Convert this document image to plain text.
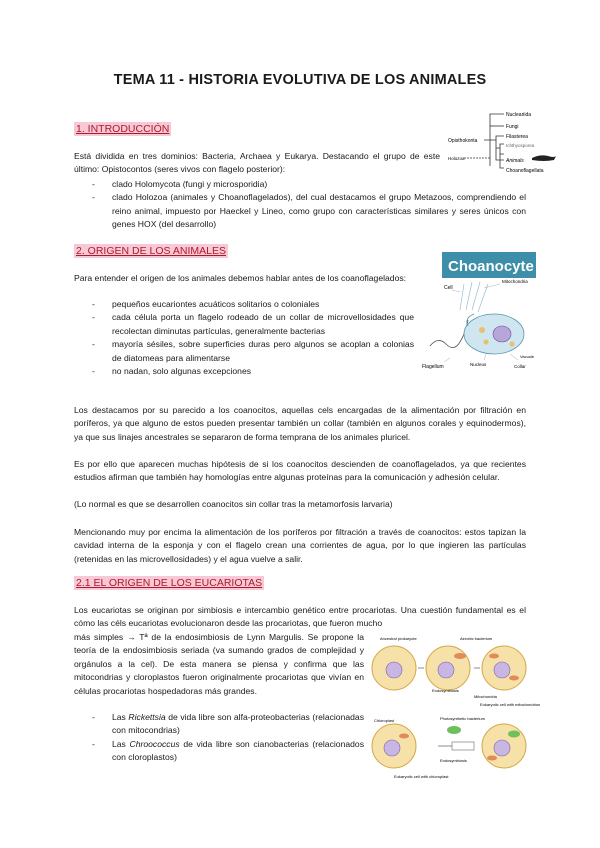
TEMA 11 - HISTORIA EVOLUTIVA DE LOS ANIMALES
1. INTRODUCCIÓN

Está dividida en tres dominios: Bacteria, Archaea y Eukarya. Destacando el grupo de este último: Opistocontos (seres vivos con flagelo posterior):

- clado Holomycota (fungi y microsporidia)
- clado Holozoa (animales y Choanoflagelados), del cual destacamos el grupo Metazoos, comprendiendo el reino animal, impuesto por Haeckel y Lineo, como grupo con características similares y seres únicos con genes HOX (del desarrollo)
Opisthokonta
Holozoa
Nucleariida
Fungi
Filasterea
Ichthyosporea
Animals
Choanoflagellata
2. ORIGEN DE LOS ANIMALES

Para entender el origen de los animales debemos hablar antes de los coanoflagelados:

- pequeños eucariontes acuáticos solitarios o coloniales
- cada célula porta un flagelo rodeado de un collar de microvellosidades que recolectan diminutas partículas, generalmente bacterias
- mayoría sésiles, sobre superficies duras pero algunos se acoplan a colonias de diatomeas para alimentarse
- no nadan, solo algunas excepciones
Choanocyte
Cell
Mitochondria
Flagellum	Nucleus	Collar
Vacuole

Los destacamos por su parecido a los coanocitos, aquellas cels encargadas de la alimentación por filtración en poríferos, ya que alguno de estos pueden presentar también un collar (también en algunos corales y equinodermos), ya que sus linajes ancestrales se separaron de forma temprana de los animales pluricel.

Es por ello que aparecen muchas hipótesis de si los coanocitos descienden de coanoflagelados, ya que recientes estudios afirman que también hay homologías entre algunas proteínas para la comunicación y adhesión celular.

(Lo normal es que se desarrollen coanocitos sin collar tras la metamorfosis larvaria)

Mencionando muy por encima la alimentación de los poríferos por filtración a través de coanocitos: estos tapizan la cavidad interna de la esponja y con el flagelo crean una corrientes de agua, por lo que ingieren las partículas (retenidas en las microvellosidades) y el agua vuelve a salir.

2.1 EL ORIGEN DE LOS EUCARIOTAS

Los eucariotas se originan por simbiosis e intercambio genético entre procariotas. Una cuestión fundamental es el cómo las céls eucariotas evolucionaron desde las procariotas, que fueron mucho

más simples → Tª de la endosimbiosis de Lynn Margulis. Se propone la teoría de la endosimbiosis seriada (va sumando grados de complejidad y orgánulos a la cel). De esta manera se piensa y confirma que las mitocondrias y cloroplastos fueron originalmente procariotas que vivían en células procariotas hospedadoras más grandes.

- Las Rickettsia de vida libre son alfa-proteobacterias (relacionadas con mitocondrias)
- Las Chroococcus de vida libre son cianobacterias (relacionados con cloroplastos)
Ancestral prokaryote	Aerobic bacterium
Endosymbiosis
Mitochondria
Eukaryotic cell with mitochondrion
Chloroplast	Photosynthetic bacterium
Endosymbiosis
Eukaryotic cell with chloroplast
